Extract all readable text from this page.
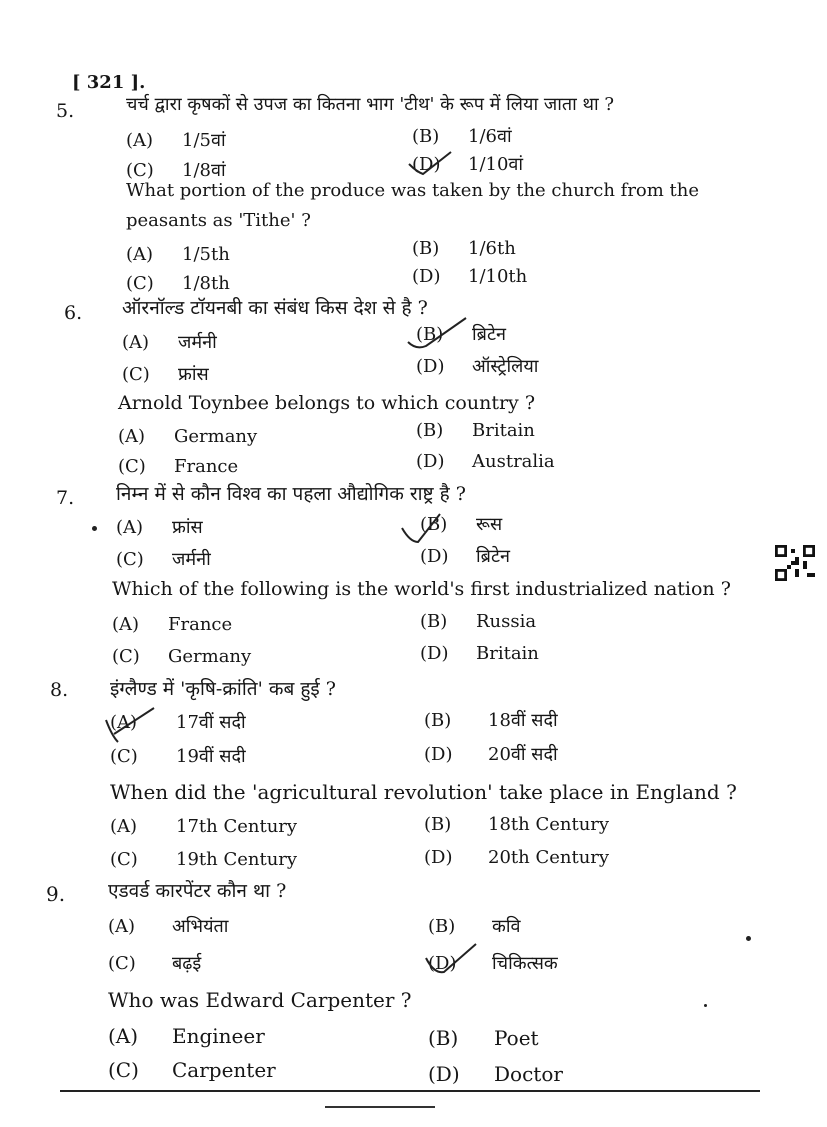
[ 321 ].
5.	चर्च द्वारा कृषकों से उपज का कितना भाग 'टीथ' के रूप में लिया जाता था ?
(A) 1/5वां	(B) 1/6वां
(C) 1/8वां	(D) 1/10वां
What portion of the produce was taken by the church from the
peasants as 'Tithe' ?
(A) 1/5th	(B) 1/6th
(C) 1/8th	(D) 1/10th
6. ऑरनॉल्ड टॉयनबी का संबंध किस देश से है ?
(A) जर्मनी	(B) ब्रिटेन
(C) फ्रांस	(D) ऑस्ट्रेलिया
Arnold Toynbee belongs to which country ?
(A) Germany	(B) Britain
(C) France	(D) Australia
7. निम्न में से कौन विश्व का पहला औद्योगिक राष्ट्र है ?
(A) फ्रांस	(B) रूस
(C) जर्मनी	(D) ब्रिटेन
Which of the following is the world's first industrialized nation ?
(A) France	(B) Russia
(C) Germany	(D) Britain
8. इंग्लैण्ड में 'कृषि-क्रांति' कब हुई ?
(A) 17वीं सदी	(B) 18वीं सदी
(C) 19वीं सदी	(D) 20वीं सदी
When did the 'agricultural revolution' take place in England ?
(A) 17th Century	(B) 18th Century
(C) 19th Century	(D) 20th Century
9. एडवर्ड कारपेंटर कौन था ?
(A) अभियंता	(B) कवि
(C) बढ़ई	(D) चिकित्सक
Who was Edward Carpenter ?
(A) Engineer	(B) Poet
(C) Carpenter	(D) Doctor
